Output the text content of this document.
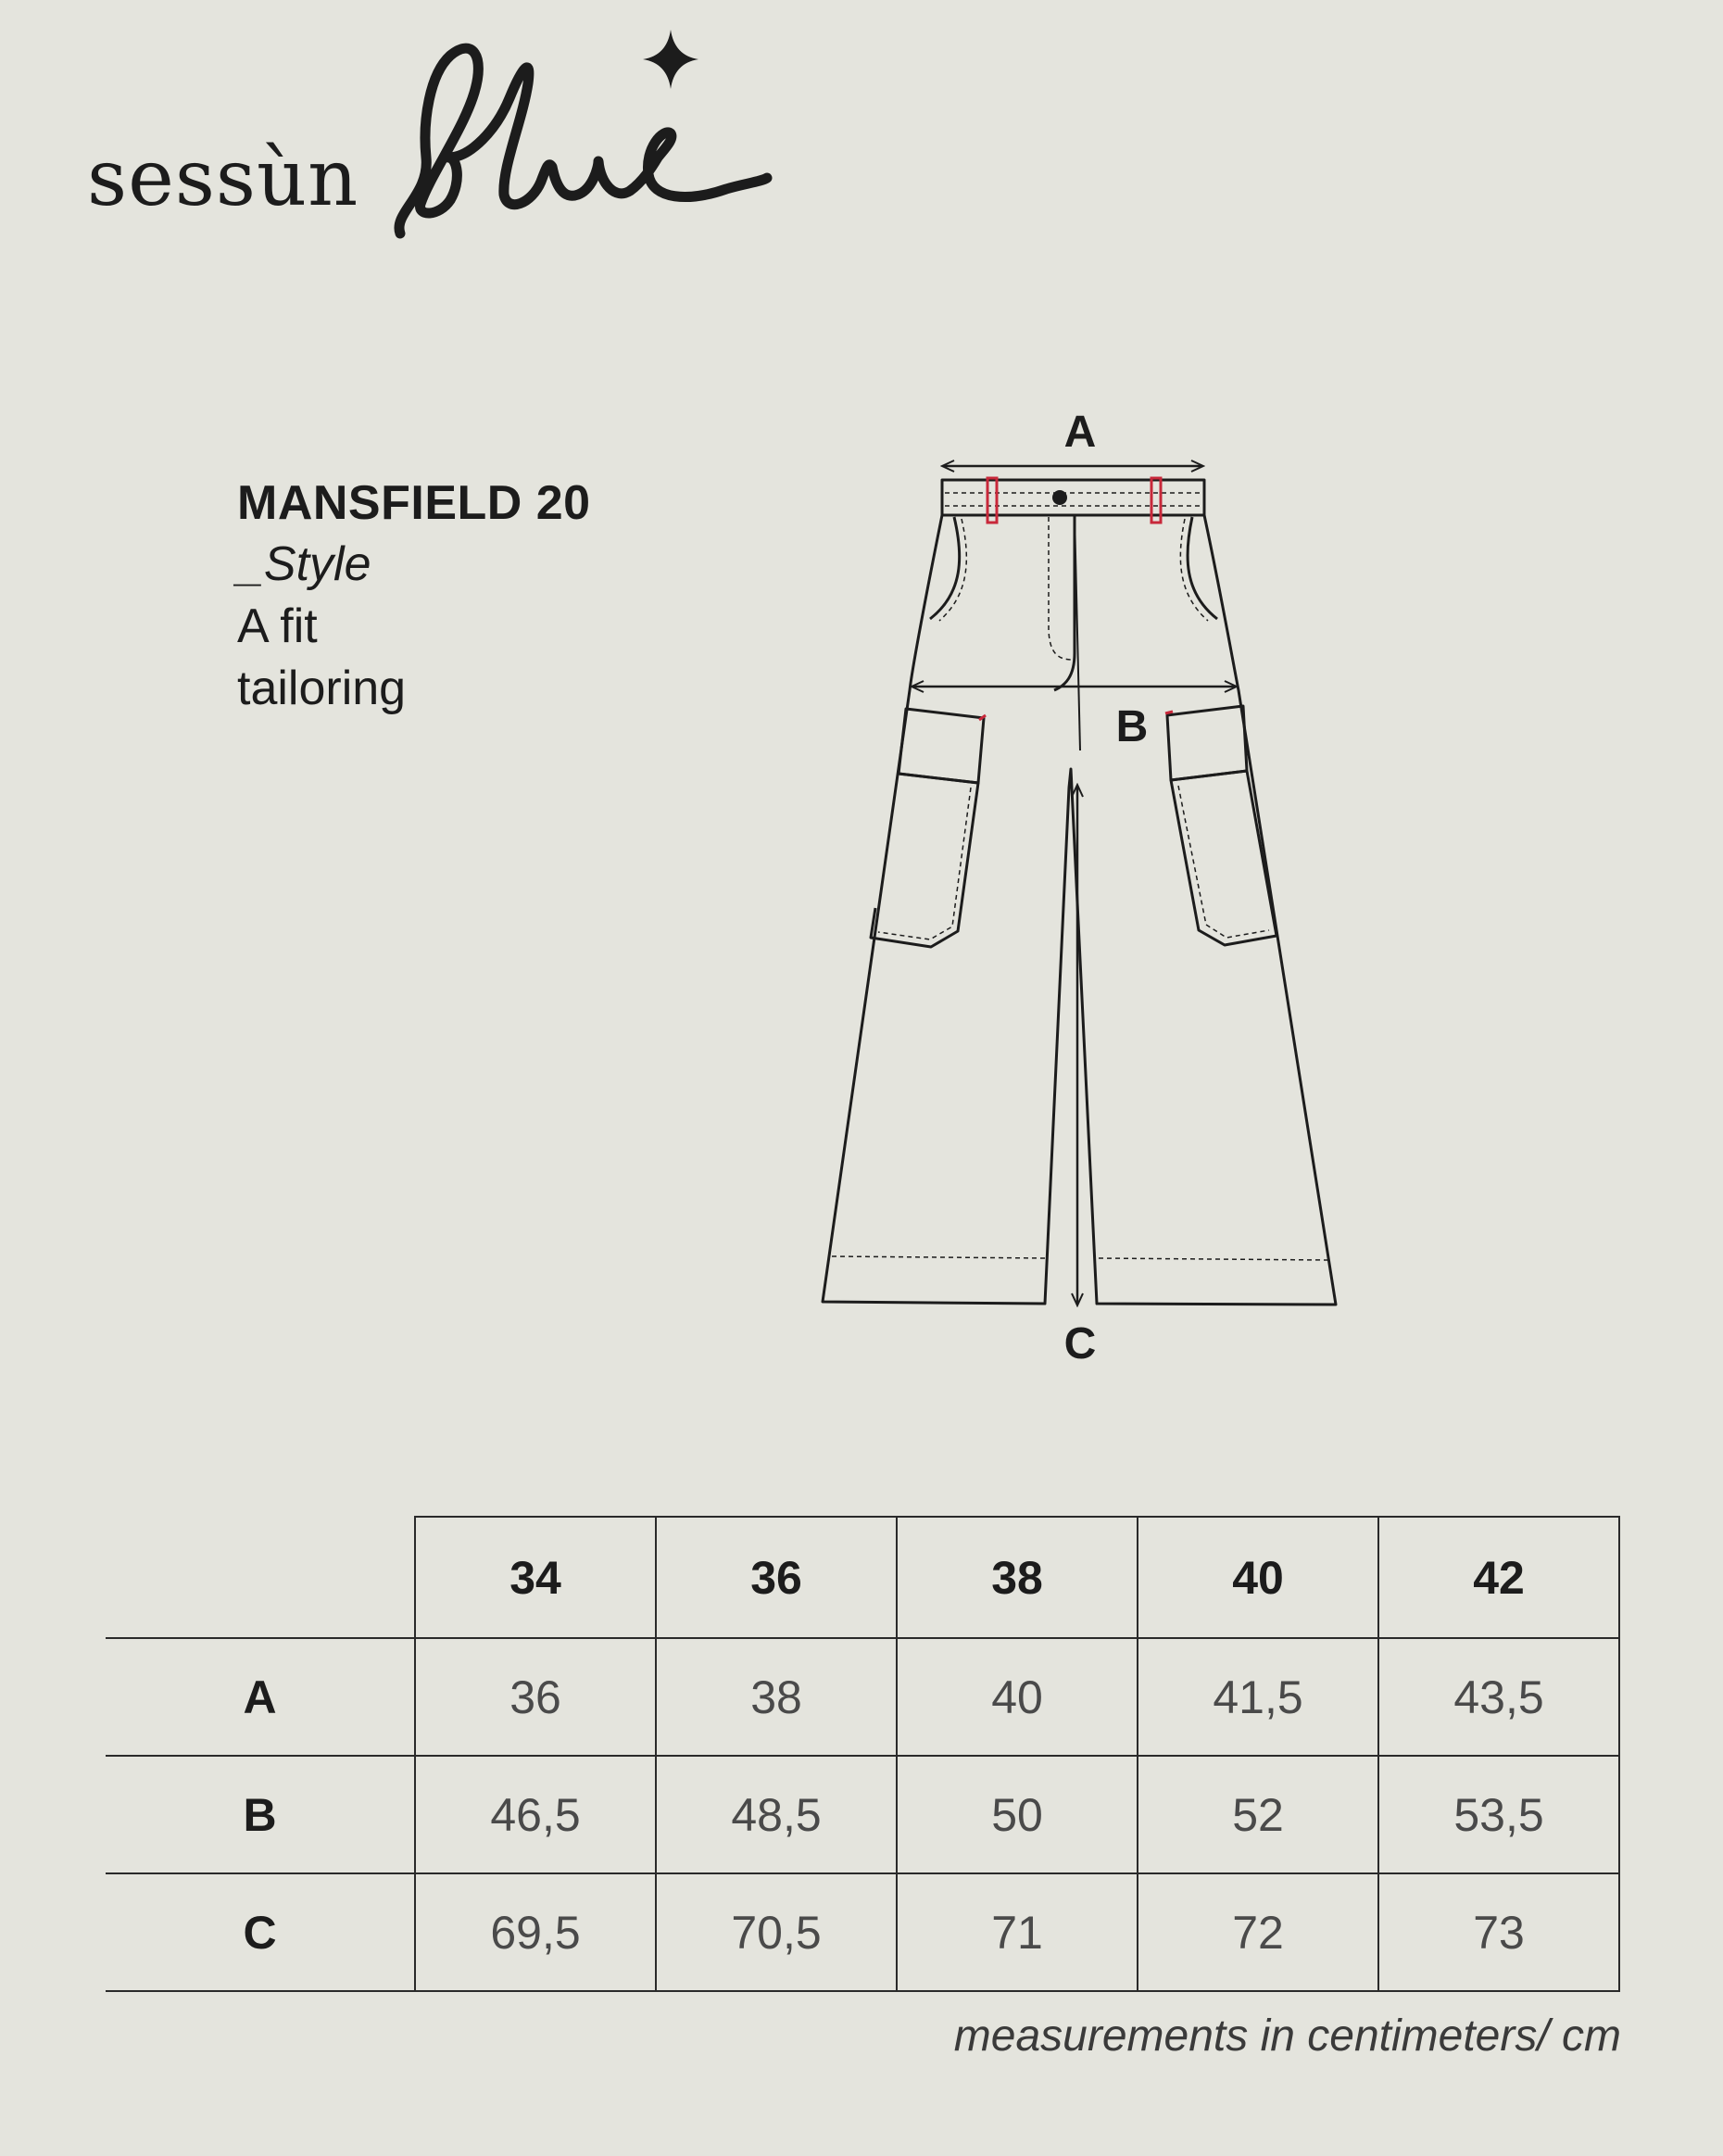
sessùn
MANSFIELD 20
_Style
A fit
tailoring
A
B
C
	34	36	38	40	42
A	36	38	40	41,5	43,5
B	46,5	48,5	50	52	53,5
C	69,5	70,5	71	72	73
measurements in centimeters/ cm
